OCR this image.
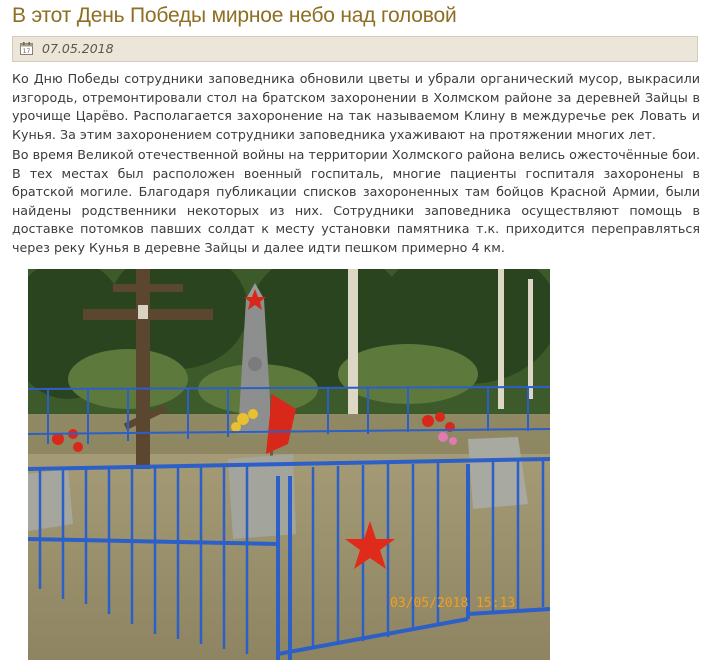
В этот День Победы мирное небо над головой
17 07.05.2018

Ко Дню Победы сотрудники заповедника обновили цветы и убрали органический мусор, выкрасили изгородь, отремонтировали стол на братском захоронении в Холмском районе за деревней Зайцы в урочище Царёво. Располагается захоронение на так называемом Клину в междуречье рек Ловать и Кунья. За этим захоронением сотрудники заповедника ухаживают на протяжении многих лет.

Во время Великой отечественной войны на территории Холмского района велись ожесточённые бои. В тех местах был расположен военный госпиталь, многие пациенты госпиталя захоронены в братской могиле. Благодаря публикации списков захороненных там бойцов Красной Армии, были найдены родственники некоторых из них. Сотрудники заповедника осуществляют помощь в доставке потомков павших солдат к месту установки памятника т.к. приходится переправляться через реку Кунья в деревне Зайцы и далее идти пешком примерно 4 км.

03/05/2018 15:13
